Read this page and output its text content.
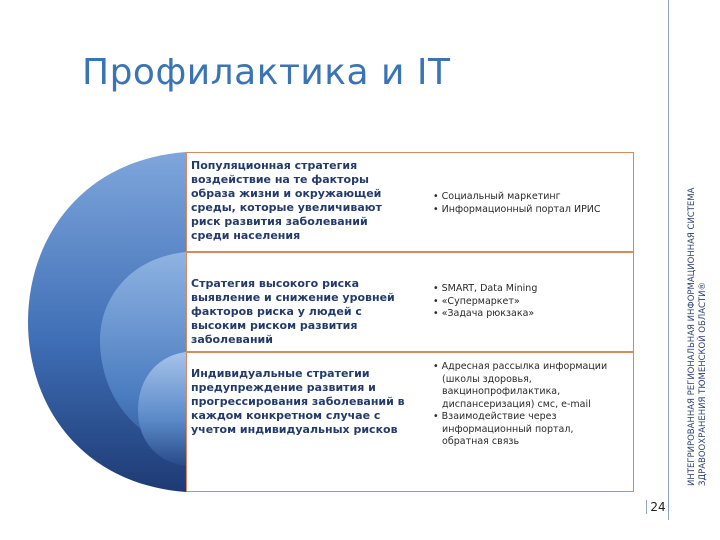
Профилактика и IT
Популяционная стратегия
воздействие на те факторы образа жизни и окружающей среды, которые увеличивают риск развития заболеваний среди населения
• Социальный маркетинг
• Информационный портал ИРИС
Стратегия высокого риска
выявление и снижение уровней факторов риска у людей с высоким риском развития заболеваний
• SMART, Data Mining
• «Супермаркет»
• «Задача рюкзака»
Индивидуальные стратегии
предупреждение развития и прогрессирования заболеваний в каждом конкретном случае с учетом индивидуальных рисков
• Адресная рассылка информации
(школы здоровья,
вакцинопрофилактика,
диспансеризация) смс, e-mail
• Взаимодействие через
информационный портал,
обратная связь	ИНТЕГРИРОВАННАЯ РЕГИОНАЛЬНАЯ ИНФОРМАЦИОННАЯ СИСТЕМА ЗДРАВООХРАНЕНИЯ ТЮМЕНСКОЙ ОБЛАСТИ®
24
